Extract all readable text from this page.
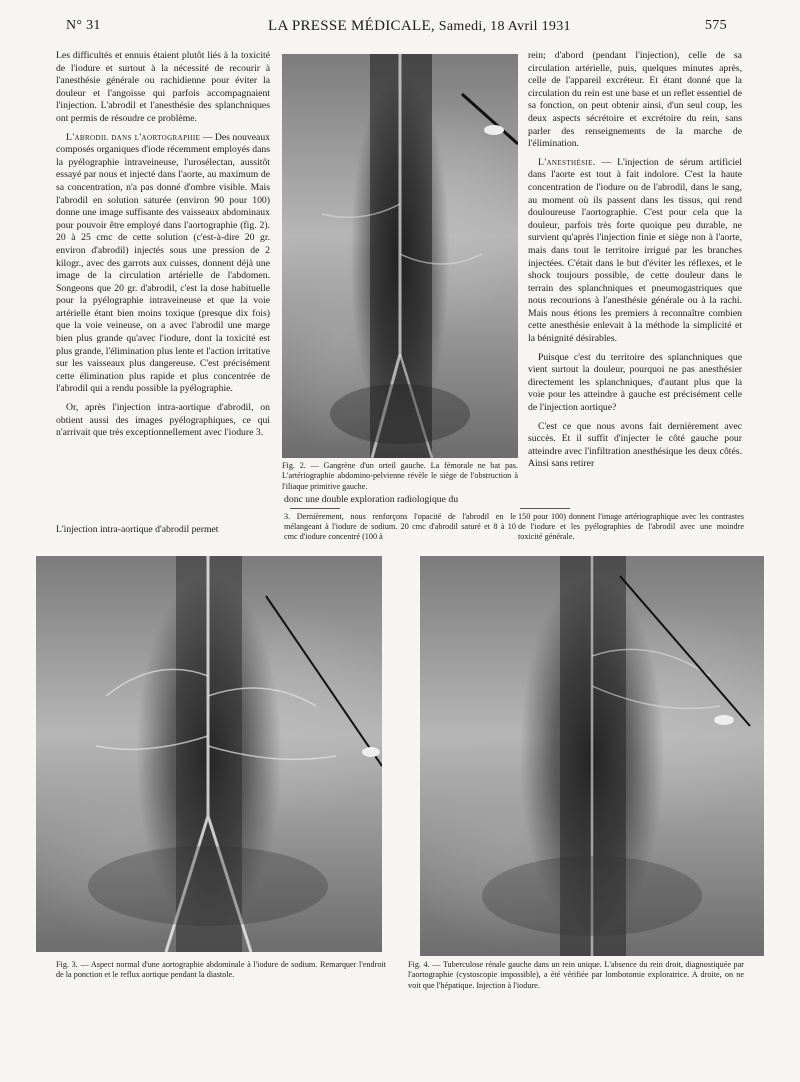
N° 31	LA PRESSE MÉDICALE, Samedi, 18 Avril 1931	575

Les difficultés et ennuis étaient plutôt liés à la toxicité de l'iodure et surtout à la nécessité de recourir à l'anesthésie générale ou rachidienne pour éviter la douleur et l'angoisse qui parfois accompagnaient l'injection. L'abrodil et l'anesthésie des splanchniques ont permis de résoudre ce problème.

L'abrodil dans l'aortographie — Des nouveaux composés organiques d'iode récemment employés dans la pyélographie intraveineuse, l'urosélectan, aussitôt essayé par nous et injecté dans l'aorte, au maximum de sa concentration, n'a pas donné d'ombre visible. Mais l'abrodil en solution saturée (environ 90 pour 100) donne une image suffisante des vaisseaux abdominaux pour pouvoir être employé dans l'aortographie (fig. 2). 20 à 25 cmc de cette solution (c'est-à-dire 20 gr. environ d'abrodil) injectés sous une pression de 2 kilogr., avec des garrots aux cuisses, donnent déjà une image de la circulation artérielle de l'abdomen. Songeons que 20 gr. d'abrodil, c'est la dose habituelle pour la pyélographie intraveineuse et que la voie artérielle étant bien moins toxique (presque dix fois) que la voie veineuse, on a avec l'abrodil une marge bien plus grande qu'avec l'iodure, dont la toxicité est plus grande, l'élimination plus lente et l'action irritative sur les vaisseaux plus dangereuse. C'est précisément cette élimination plus rapide et plus concentrée de l'abrodil qui a rendu possible la pyélographie.

Or, après l'injection intra-aortique d'abrodil, on obtient aussi des images pyélographiques, ce qui n'arrivait que très exceptionnellement avec l'iodure 3.

L'injection intra-aortique d'abrodil permet
Fig. 2. — Gangrène d'un orteil gauche. La fémorale ne bat pas. L'artériographie abdomino-pelvienne révèle le siège de l'obstruction à l'iliaque primitive gauche.
donc une double exploration radiologique du
3. Dernièrement, nous renforçons l'opacité de l'abrodil en le mélangeant à l'iodure de sodium. 20 cmc d'abrodil saturé et 8 à 10 cmc d'iodure concentré (100 à

rein; d'abord (pendant l'injection), celle de sa circulation artérielle, puis, quelques minutes après, celle de l'appareil excréteur. Et étant donné que la circulation du rein est une base et un reflet essentiel de sa fonction, on peut obtenir ainsi, d'un seul coup, les deux aspects sécrétoire et excrétoire du rein, sans parler des renseignements de la marche de l'élimination.

L'anesthésie. — L'injection de sérum artificiel dans l'aorte est tout à fait indolore. C'est la haute concentration de l'iodure ou de l'abrodil, dans le sang, au moment où ils passent dans les tissus, qui rend douloureuse l'aortographie. C'est pour cela que la douleur, parfois très forte quoique peu durable, ne survient qu'après l'injection finie et siège non à l'aorte, mais dans tout le territoire irrigué par les branches injectées. C'était dans le but d'éviter les réflexes, et le shock toujours possible, de cette douleur dans le terrain des splanchniques et pneumogastriques que nous recourions à l'anesthésie générale ou à la rachi. Mais nous étions les premiers à reconnaître combien cette anesthésie enlevait à la méthode la simplicité et la bénignité désirables.

Puisque c'est du territoire des splanchniques que vient surtout la douleur, pourquoi ne pas anesthésier directement les splanchniques, d'autant plus que la voie pour les atteindre à gauche est précisément celle de l'injection aortique?

C'est ce que nous avons fait dernièrement avec succès. Et il suffit d'injecter le côté gauche pour atteindre avec l'infiltration anesthésique les deux côtés. Ainsi sans retirer

150 pour 100) donnent l'image artériographique avec les contrastes de l'iodure et les pyélographies de l'abrodil avec une moindre toxicité générale.
Fig. 3. — Aspect normal d'une aortographie abdominale à l'iodure de sodium. Remarquer l'endroit de la ponction et le reflux aortique pendant la diastole.
Fig. 4. — Tuberculose rénale gauche dans un rein unique. L'absence du rein droit, diagnostiquée par l'aortographie (cystoscopie impossible), a été vérifiée par lombotomie exploratrice. A droite, on ne voit que l'hépatique. Injection à l'iodure.
